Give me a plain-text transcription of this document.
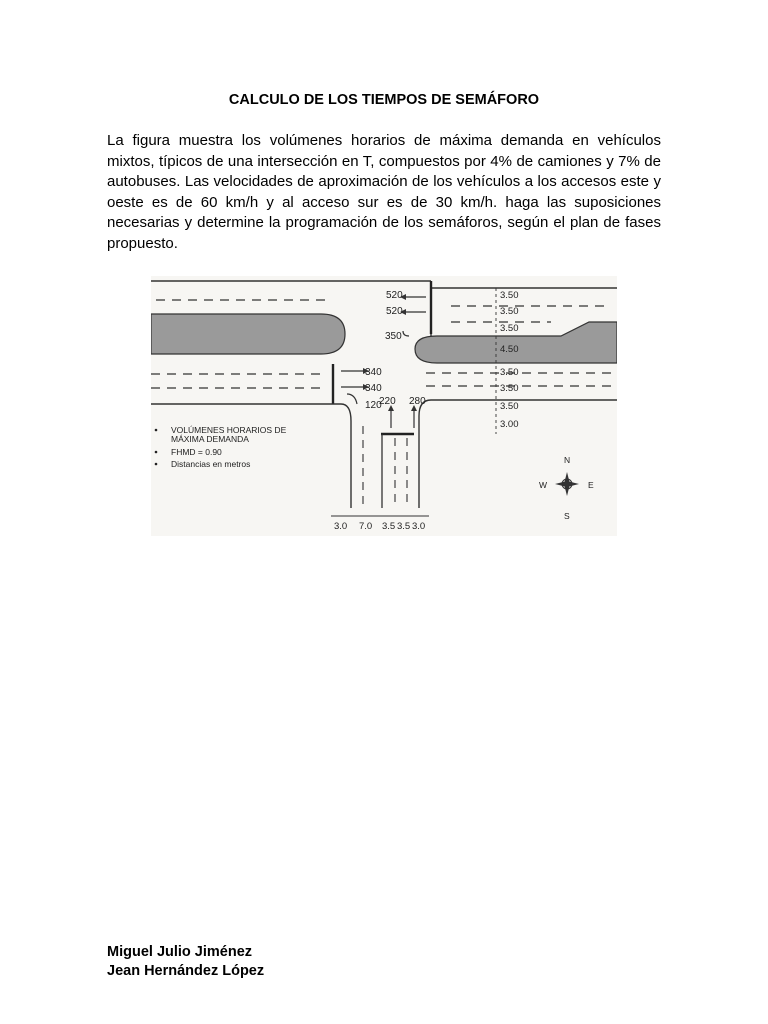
CALCULO DE LOS TIEMPOS DE SEMÁFORO

La figura muestra los volúmenes horarios de máxima demanda en vehículos mixtos, típicos de una intersección en T, compuestos por 4% de camiones y 7% de autobuses. Las velocidades de aproximación de los vehículos a los accesos este y oeste es de 60 km/h y al acceso sur es de 30 km/h. haga las suposiciones necesarias y determine la programación de los semáforos, según el plan de fases propuesto.

520
520
350
340
340
120
220 280
3.50
3.50
3.50
4.50
3.50
3.50
3.50
3.00
3.0 7.0 3.5 3.5 3.0
VOLÚMENES HORARIOS DE
MÁXIMA DEMANDA
FHMD = 0.90
Distancias en metros	N
S
E
W
Miguel Julio Jiménez
Jean Hernández López
